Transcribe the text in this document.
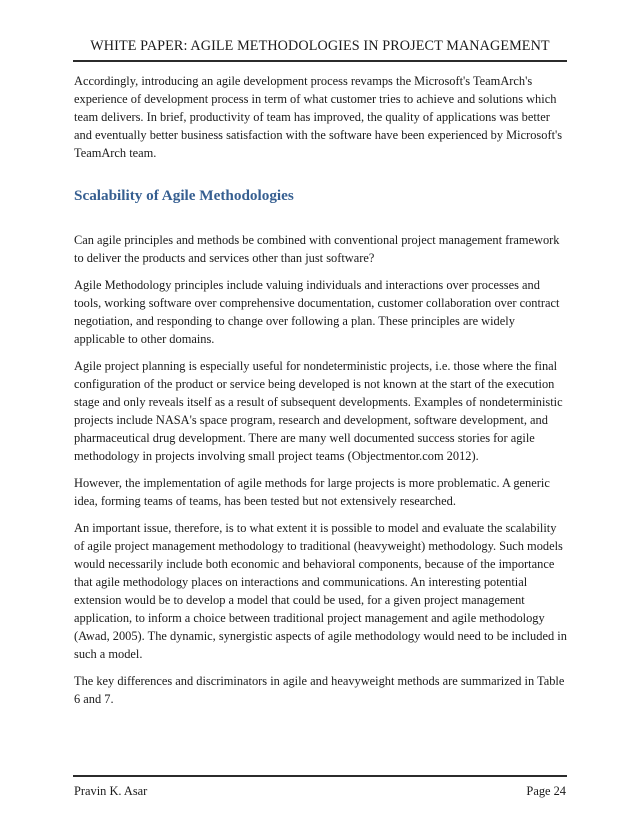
WHITE PAPER: AGILE METHODOLOGIES IN PROJECT MANAGEMENT

Accordingly, introducing an agile development process revamps the Microsoft's TeamArch's experience of development process in term of what customer tries to achieve and solutions which team delivers. In brief, productivity of team has improved, the quality of applications was better and eventually better business satisfaction with the software have been experienced by Microsoft's TeamArch team.

Scalability of Agile Methodologies

Can agile principles and methods be combined with conventional project management framework to deliver the products and services other than just software?

Agile Methodology principles include valuing individuals and interactions over processes and tools, working software over comprehensive documentation, customer collaboration over contract negotiation, and responding to change over following a plan. These principles are widely applicable to other domains.

Agile project planning is especially useful for nondeterministic projects, i.e. those where the final configuration of the product or service being developed is not known at the start of the execution stage and only reveals itself as a result of subsequent developments. Examples of nondeterministic projects include NASA's space program, research and development, software development, and pharmaceutical drug development. There are many well documented success stories for agile methodology in projects involving small project teams (Objectmentor.com 2012).

However, the implementation of agile methods for large projects is more problematic. A generic idea, forming teams of teams, has been tested but not extensively researched.

An important issue, therefore, is to what extent it is possible to model and evaluate the scalability of agile project management methodology to traditional (heavyweight) methodology. Such models would necessarily include both economic and behavioral components, because of the importance that agile methodology places on interactions and communications. An interesting potential extension would be to develop a model that could be used, for a given project management application, to inform a choice between traditional project management and agile methodology (Awad, 2005). The dynamic, synergistic aspects of agile methodology would need to be included in such a model.

The key differences and discriminators in agile and heavyweight methods are summarized in Table 6 and 7.

Pravin K. Asar	Page 24
